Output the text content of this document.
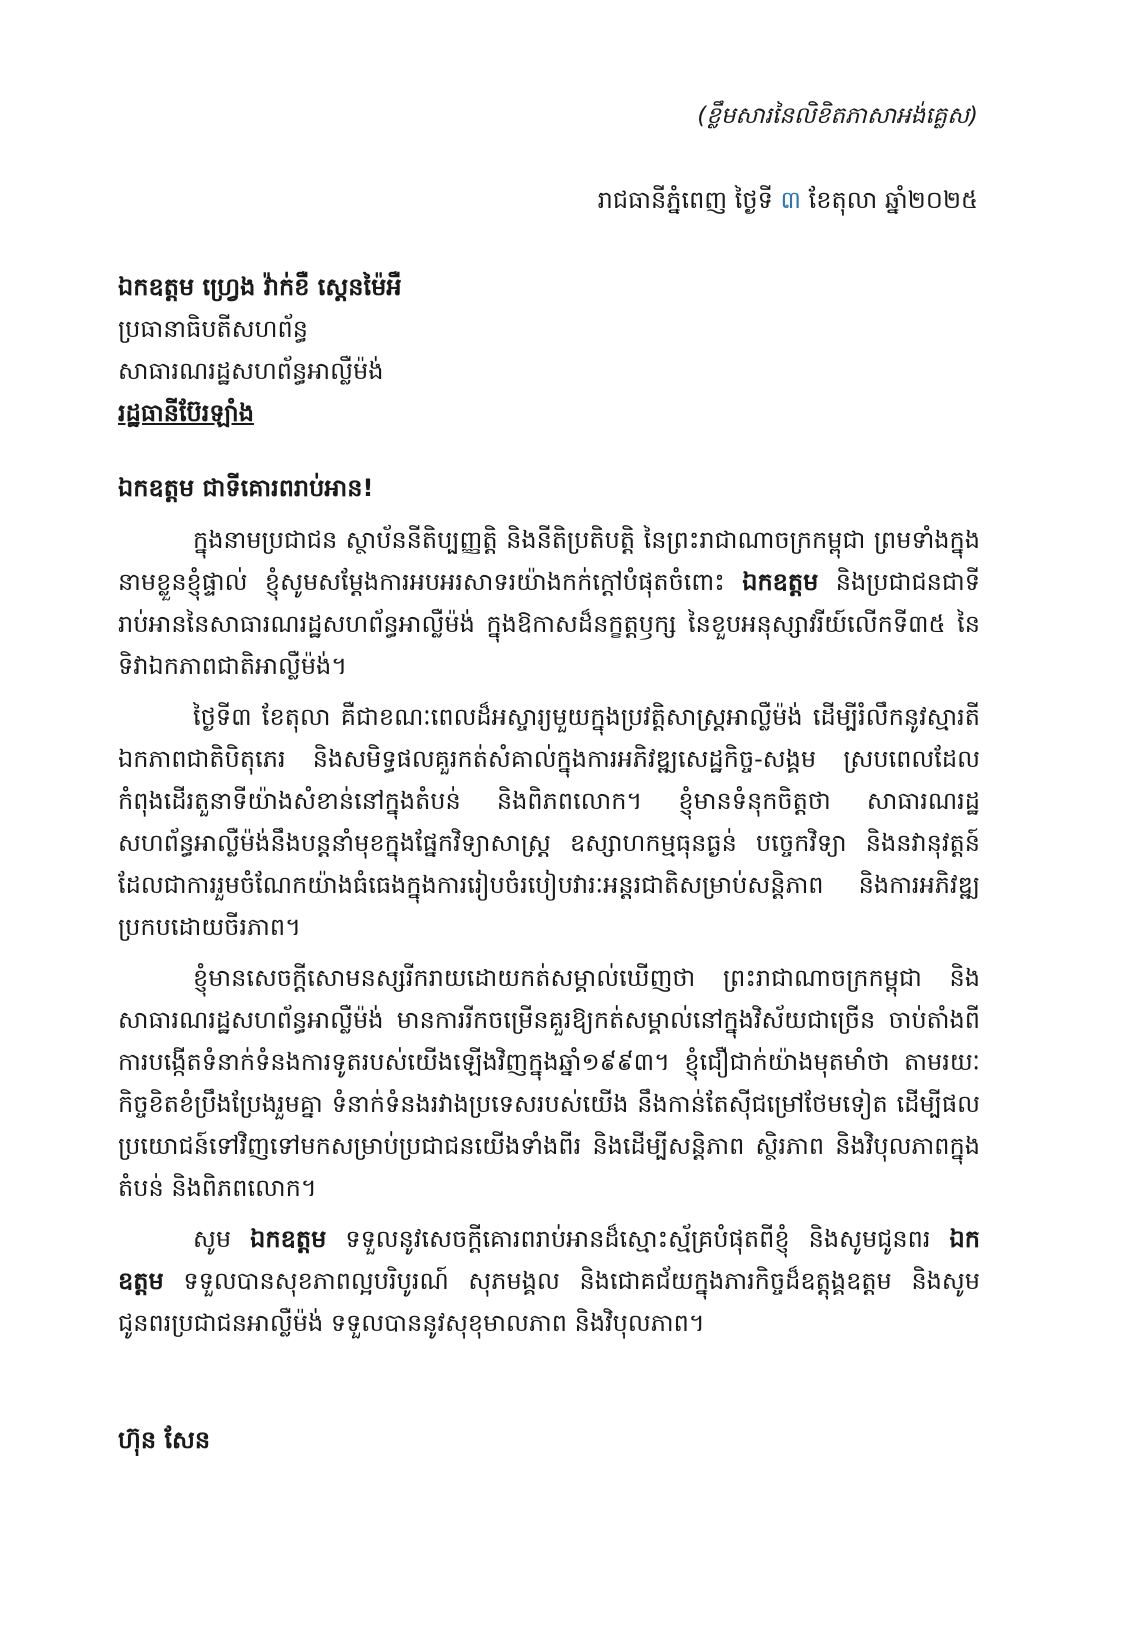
(ខ្លឹមសារនៃលិខិតភាសាអង់គ្លេស)
រាជធានីភ្នំពេញ ថ្ងៃទី ៣ ខែតុលា ឆ្នាំ២០២៥
ឯកឧត្តម ហ្វ្រេង វ៉ាក់ខឺ ស្តេនម៉ៃអឺ
ប្រធានាធិបតីសហព័ន្ធ
សាធារណរដ្ឋសហព័ន្ធអាល្លឺម៉ង់
រដ្ឋធានីប៊ែរឡាំង
ឯកឧត្តម ជាទីគោរពរាប់អាន!

ក្នុងនាមប្រជាជន ស្ថាប័ននីតិប្បញ្ញត្តិ និងនីតិប្រតិបត្តិ នៃព្រះរាជាណាចក្រកម្ពុជា ព្រមទាំងក្នុងនាមខ្លួនខ្ញុំផ្ទាល់ ខ្ញុំសូមសម្តែងការអបអរសាទរយ៉ាងកក់ក្តៅបំផុតចំពោះ ឯកឧត្តម និងប្រជាជនជាទីរាប់អាននៃសាធារណរដ្ឋសហព័ន្ធអាល្លឺម៉ង់ ក្នុងឱកាសដ៏នក្ខត្តឫក្ស នៃខួបអនុស្សាវរីយ៍លើកទី៣៥ នៃទិវាឯកភាពជាតិអាល្លឺម៉ង់។

ថ្ងៃទី៣ ខែតុលា គឺជាខណៈពេលដ៏អស្ចារ្យមួយក្នុងប្រវត្តិសាស្ត្រអាល្លឺម៉ង់ ដើម្បីរំលឹកនូវស្មារតីឯកភាពជាតិបិតុភេរ និងសមិទ្ធផលគួរកត់សំគាល់ក្នុងការអភិវឌ្ឍសេដ្ឋកិច្ច-សង្គម ស្របពេលដែលកំពុងដើរតួនាទីយ៉ាងសំខាន់នៅក្នុងតំបន់ និងពិភពលោក។ ខ្ញុំមានទំនុកចិត្តថា សាធារណរដ្ឋសហព័ន្ធអាល្លឺម៉ង់នឹងបន្តនាំមុខក្នុងផ្នែកវិទ្យាសាស្ត្រ ឧស្សាហកម្មធុនធ្ងន់ បច្ចេកវិទ្យា និងនវានុវត្តន៍ ដែលជាការរួមចំណែកយ៉ាងធំធេងក្នុងការរៀបចំរបៀបវារៈអន្តរជាតិសម្រាប់សន្តិភាព និងការអភិវឌ្ឍប្រកបដោយចីរភាព។

ខ្ញុំមានសេចក្តីសោមនស្សរីករាយដោយកត់សម្គាល់ឃើញថា ព្រះរាជាណាចក្រកម្ពុជា និងសាធារណរដ្ឋសហព័ន្ធអាល្លឺម៉ង់ មានការរីកចម្រើនគួរឱ្យកត់សម្គាល់នៅក្នុងវិស័យជាច្រើន ចាប់តាំងពីការបង្កើតទំនាក់ទំនងការទូតរបស់យើងឡើងវិញក្នុងឆ្នាំ១៩៩៣។ ខ្ញុំជឿជាក់យ៉ាងមុតមាំថា តាមរយៈកិច្ចខិតខំប្រឹងប្រែងរួមគ្នា ទំនាក់ទំនងរវាងប្រទេសរបស់យើង នឹងកាន់តែស៊ីជម្រៅថែមទៀត ដើម្បីផលប្រយោជន៍ទៅវិញទៅមកសម្រាប់ប្រជាជនយើងទាំងពីរ និងដើម្បីសន្តិភាព ស្ថិរភាព និងវិបុលភាពក្នុងតំបន់ និងពិភពលោក។

សូម ឯកឧត្តម ទទួលនូវសេចក្តីគោរពរាប់អានដ៏ស្មោះស្ម័គ្របំផុតពីខ្ញុំ និងសូមជូនពរ ឯកឧត្តម ទទួលបានសុខភាពល្អបរិបូរណ៍ សុភមង្គល និងជោគជ័យក្នុងភារកិច្ចដ៏ឧត្តុង្គឧត្តម និងសូមជូនពរប្រជាជនអាល្លឺម៉ង់ ទទួលបាននូវសុខុមាលភាព និងវិបុលភាព។

ហ៊ុន សែន
